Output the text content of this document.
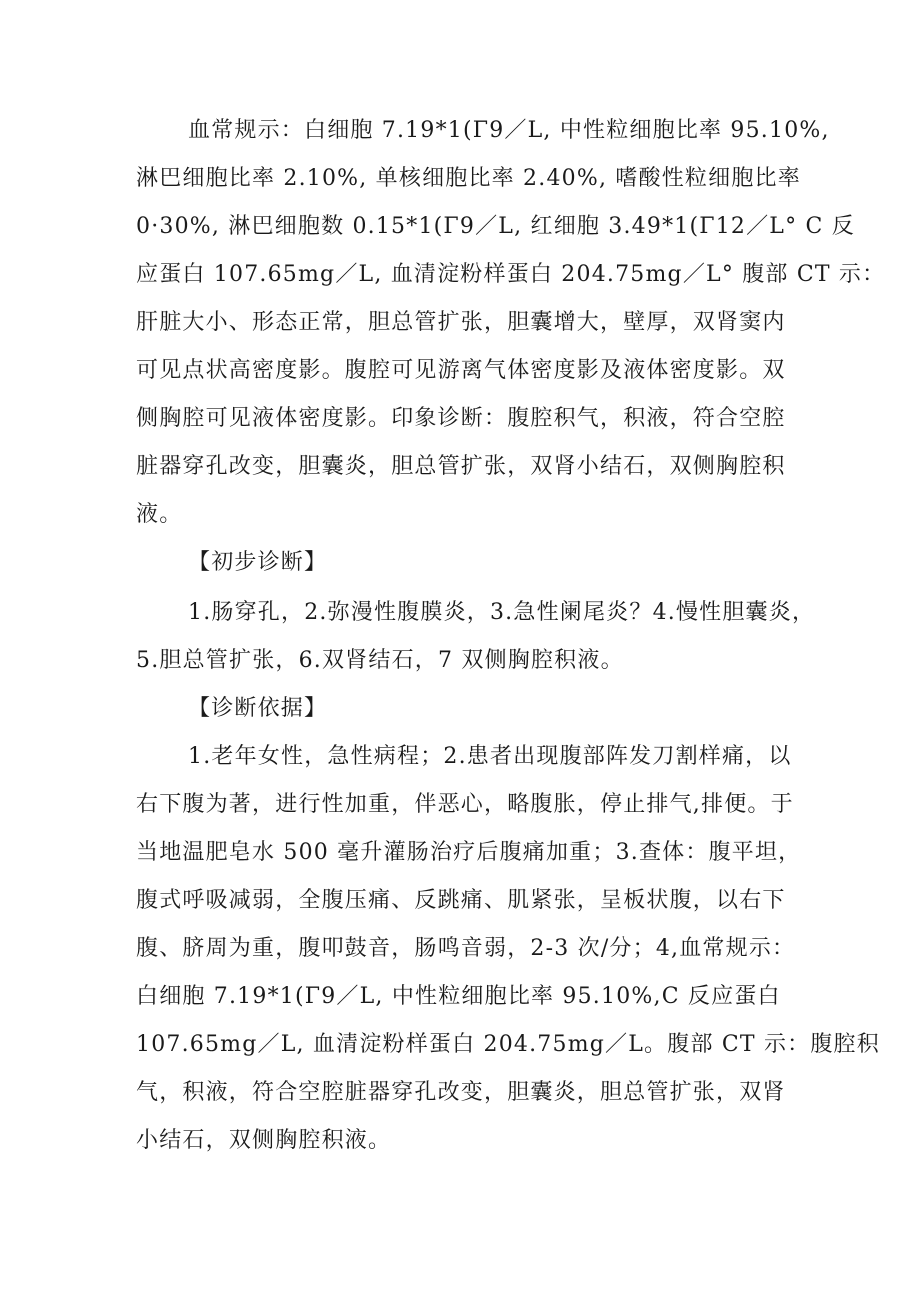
血常规示：白细胞 7.19*1(Γ9／L, 中性粒细胞比率 95.10%,
淋巴细胞比率 2.10%, 单核细胞比率 2.40%, 嗜酸性粒细胞比率
0·30%, 淋巴细胞数 0.15*1(Γ9／L, 红细胞 3.49*1(Γ12／L° C 反
应蛋白 107.65mg／L, 血清淀粉样蛋白 204.75mg／L° 腹部 CT 示：
肝脏大小、形态正常，胆总管扩张，胆囊增大，壁厚，双肾窦内
可见点状高密度影。腹腔可见游离气体密度影及液体密度影。双
侧胸腔可见液体密度影。印象诊断：腹腔积气，积液，符合空腔
脏器穿孔改变，胆囊炎，胆总管扩张，双肾小结石，双侧胸腔积
液。
【初步诊断】
1.肠穿孔，2.弥漫性腹膜炎，3.急性阑尾炎？4.慢性胆囊炎，
5.胆总管扩张，6.双肾结石，7 双侧胸腔积液。
【诊断依据】
1.老年女性，急性病程；2.患者出现腹部阵发刀割样痛，以
右下腹为著，进行性加重，伴恶心，略腹胀，停止排气,排便。于
当地温肥皂水 500 毫升灌肠治疗后腹痛加重；3.查体：腹平坦，
腹式呼吸减弱，全腹压痛、反跳痛、肌紧张，呈板状腹，以右下
腹、脐周为重，腹叩鼓音，肠鸣音弱，2-3 次/分；4,血常规示：
白细胞 7.19*1(Γ9／L, 中性粒细胞比率 95.10%,C 反应蛋白
107.65mg／L, 血清淀粉样蛋白 204.75mg／L。腹部 CT 示：腹腔积
气，积液，符合空腔脏器穿孔改变，胆囊炎，胆总管扩张，双肾
小结石，双侧胸腔积液。
